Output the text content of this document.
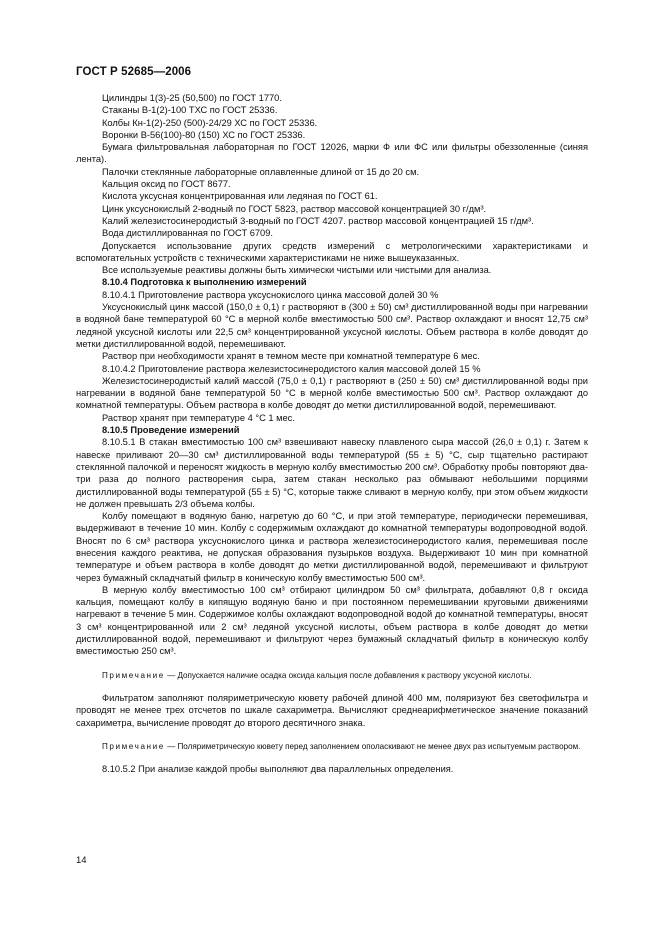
ГОСТ Р 52685—2006

Цилиндры 1(3)-25 (50,500) по ГОСТ 1770.

Стаканы В-1(2)-100 ТХС по ГОСТ 25336.

Колбы Кн-1(2)-250 (500)-24/29 ХС по ГОСТ 25336.

Воронки В-56(100)-80 (150) ХС по ГОСТ 25336.

Бумага фильтровальная лабораторная по ГОСТ 12026, марки Ф или ФС или фильтры обеззоленные (синяя лента).

Палочки стеклянные лабораторные оплавленные длиной от 15 до 20 см.

Кальция оксид по ГОСТ 8677.

Кислота уксусная концентрированная или ледяная по ГОСТ 61.

Цинк уксуснокислый 2-водный по ГОСТ 5823, раствор массовой концентрацией 30 г/дм³.

Калий железистосинеродистый 3-водный по ГОСТ 4207. раствор массовой концентрацией 15 г/дм³.

Вода дистиллированная по ГОСТ 6709.

Допускается использование других средств измерений с метрологическими характеристиками и вспомогательных устройств с техническими характеристиками не ниже вышеуказанных.

Все используемые реактивы должны быть химически чистыми или чистыми для анализа.

8.10.4 Подготовка к выполнению измерений

8.10.4.1 Приготовление раствора уксуснокислого цинка массовой долей 30 %

Уксуснокислый цинк массой (150,0 ± 0,1) г растворяют в (300 ± 50) см³ дистиллированной воды при нагревании в водяной бане температурой 60 °С в мерной колбе вместимостью 500 см³. Раствор охлаждают и вносят 12,75 см³ ледяной уксусной кислоты или 22,5 см³ концентрированной уксусной кислоты. Объем раствора в колбе доводят до метки дистиллированной водой, перемешивают.

Раствор при необходимости хранят в темном месте при комнатной температуре 6 мес.

8.10.4.2 Приготовление раствора железистосинеродистого калия массовой долей 15 %

Железистосинеродистый калий массой (75,0 ± 0,1) г растворяют в (250 ± 50) см³ дистиллированной воды при нагревании в водяной бане температурой 50 °С в мерной колбе вместимостью 500 см³. Раствор охлаждают до комнатной температуры. Объем раствора в колбе доводят до метки дистиллированной водой, перемешивают.

Раствор хранят при температуре 4 °С 1 мес.

8.10.5 Проведение измерений

8.10.5.1 В стакан вместимостью 100 см³ взвешивают навеску плавленого сыра массой (26,0 ± 0,1) г. Затем к навеске приливают 20—30 см³ дистиллированной воды температурой (55 ± 5) °С, сыр тщательно растирают стеклянной палочкой и переносят жидкость в мерную колбу вместимостью 200 см³. Обработку пробы повторяют два-три раза до полного растворения сыра, затем стакан несколько раз обмывают небольшими порциями дистиллированной воды температурой (55 ± 5) °С, которые также сливают в мерную колбу, при этом объем жидкости не должен превышать 2/3 объема колбы.

Колбу помещают в водяную баню, нагретую до 60 °С, и при этой температуре, периодически перемешивая, выдерживают в течение 10 мин. Колбу с содержимым охлаждают до комнатной температуры водопроводной водой. Вносят по 6 см³ раствора уксуснокислого цинка и раствора железистосинеродистого калия, перемешивая после внесения каждого реактива, не допуская образования пузырьков воздуха. Выдерживают 10 мин при комнатной температуре и объем раствора в колбе доводят до метки дистиллированной водой, перемешивают и фильтруют через бумажный складчатый фильтр в коническую колбу вместимостью 500 см³.

В мерную колбу вместимостью 100 см³ отбирают цилиндром 50 см³ фильтрата, добавляют 0,8 г оксида кальция, помещают колбу в кипящую водяную баню и при постоянном перемешивании круговыми движениями нагревают в течение 5 мин. Содержимое колбы охлаждают водопроводной водой до комнатной температуры, вносят 3 см³ концентрированной или 2 см³ ледяной уксусной кислоты, объем раствора в колбе доводят до метки дистиллированной водой, перемешивают и фильтруют через бумажный складчатый фильтр в коническую колбу вместимостью 250 см³.

Примечание — Допускается наличие осадка оксида кальция после добавления к раствору уксусной кислоты.

Фильтратом заполняют поляриметрическую кювету рабочей длиной 400 мм, поляризуют без светофильтра и проводят не менее трех отсчетов по шкале сахариметра. Вычисляют среднеарифметическое значение показаний сахариметра, вычисление проводят до второго десятичного знака.

Примечание — Поляриметрическую кювету перед заполнением ополаскивают не менее двух раз испытуемым раствором.

8.10.5.2 При анализе каждой пробы выполняют два параллельных определения.

14
